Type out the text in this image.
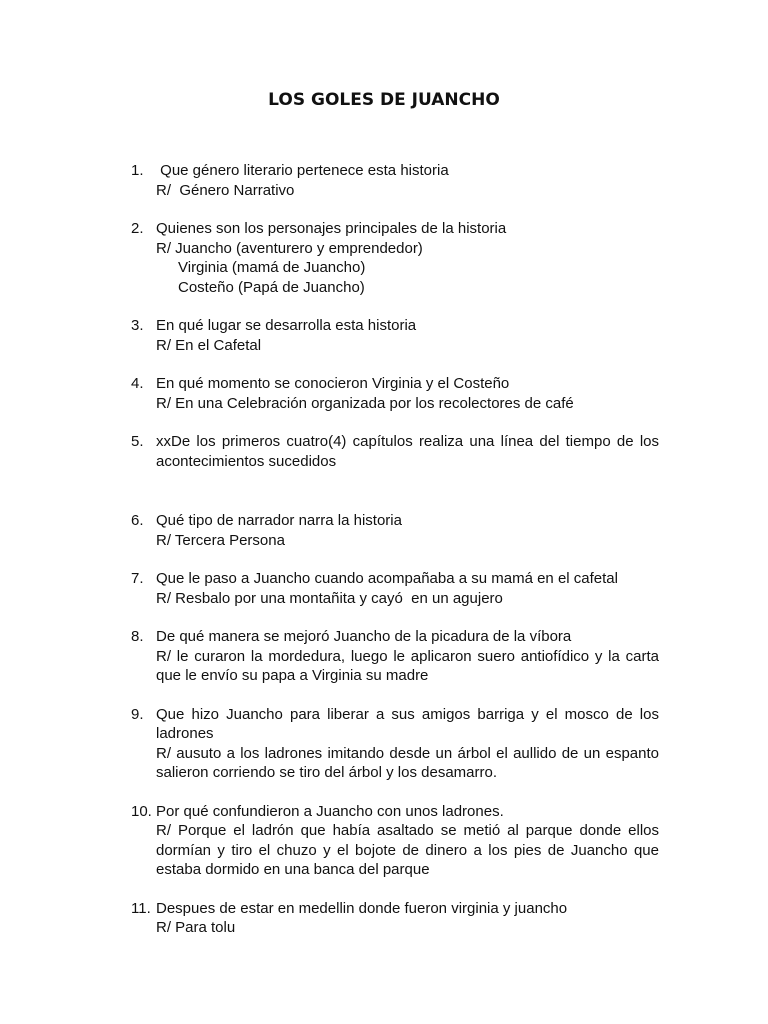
LOS GOLES DE JUANCHO
1. Que género literario pertenece esta historia

R/  Género Narrativo

2. Quienes son los personajes principales de la historia

R/ Juancho (aventurero y emprendedor)

Virginia (mamá de Juancho)

Costeño (Papá de Juancho)

3. En qué lugar se desarrolla esta historia

R/ En el Cafetal

4. En qué momento se conocieron Virginia y el Costeño

R/ En una Celebración organizada por los recolectores de café

5. xxDe los primeros cuatro(4) capítulos realiza una línea del tiempo de los acontecimientos sucedidos

6. Qué tipo de narrador narra la historia

R/ Tercera Persona

7. Que le paso a Juancho cuando acompañaba a su mamá en el cafetal

R/ Resbalo por una montañita y cayó  en un agujero

8. De qué manera se mejoró Juancho de la picadura de la víbora

R/ le curaron la mordedura, luego le aplicaron suero antiofídico y la carta que le envío su papa a Virginia su madre

9. Que hizo Juancho para liberar a sus amigos barriga y el mosco de los ladrones

R/ ausuto a los ladrones imitando desde un árbol el aullido de un espanto salieron corriendo se tiro del árbol y los desamarro.

10. Por qué confundieron a Juancho con unos ladrones.

R/ Porque el ladrón que había asaltado se metió al parque donde ellos dormían y tiro el chuzo y el bojote de dinero a los pies de Juancho que estaba dormido en una banca del parque

11. Despues de estar en medellin donde fueron virginia y juancho

R/ Para tolu
